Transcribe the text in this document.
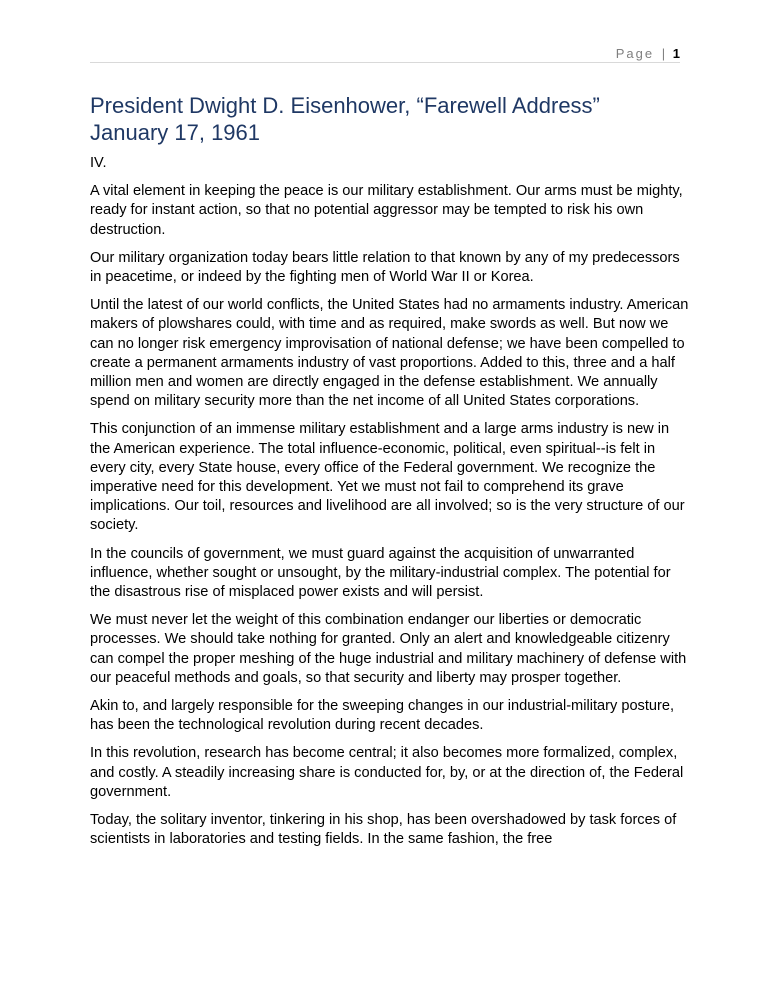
Page | 1
President Dwight D. Eisenhower, “Farewell Address”
January 17, 1961

IV.

A vital element in keeping the peace is our military establishment. Our arms must be mighty, ready for instant action, so that no potential aggressor may be tempted to risk his own destruction.

Our military organization today bears little relation to that known by any of my predecessors in peacetime, or indeed by the fighting men of World War II or Korea.

Until the latest of our world conflicts, the United States had no armaments industry. American makers of plowshares could, with time and as required, make swords as well. But now we can no longer risk emergency improvisation of national defense; we have been compelled to create a permanent armaments industry of vast proportions. Added to this, three and a half million men and women are directly engaged in the defense establishment. We annually spend on military security more than the net income of all United States corporations.

This conjunction of an immense military establishment and a large arms industry is new in the American experience. The total influence-economic, political, even spiritual--is felt in every city, every State house, every office of the Federal government. We recognize the imperative need for this development. Yet we must not fail to comprehend its grave implications. Our toil, resources and livelihood are all involved; so is the very structure of our society.

In the councils of government, we must guard against the acquisition of unwarranted influence, whether sought or unsought, by the military-industrial complex. The potential for the disastrous rise of misplaced power exists and will persist.

We must never let the weight of this combination endanger our liberties or democratic processes. We should take nothing for granted. Only an alert and knowledgeable citizenry can compel the proper meshing of the huge industrial and military machinery of defense with our peaceful methods and goals, so that security and liberty may prosper together.

Akin to, and largely responsible for the sweeping changes in our industrial-military posture, has been the technological revolution during recent decades.

In this revolution, research has become central; it also becomes more formalized, complex, and costly. A steadily increasing share is conducted for, by, or at the direction of, the Federal government.

Today, the solitary inventor, tinkering in his shop, has been overshadowed by task forces of scientists in laboratories and testing fields. In the same fashion, the free
